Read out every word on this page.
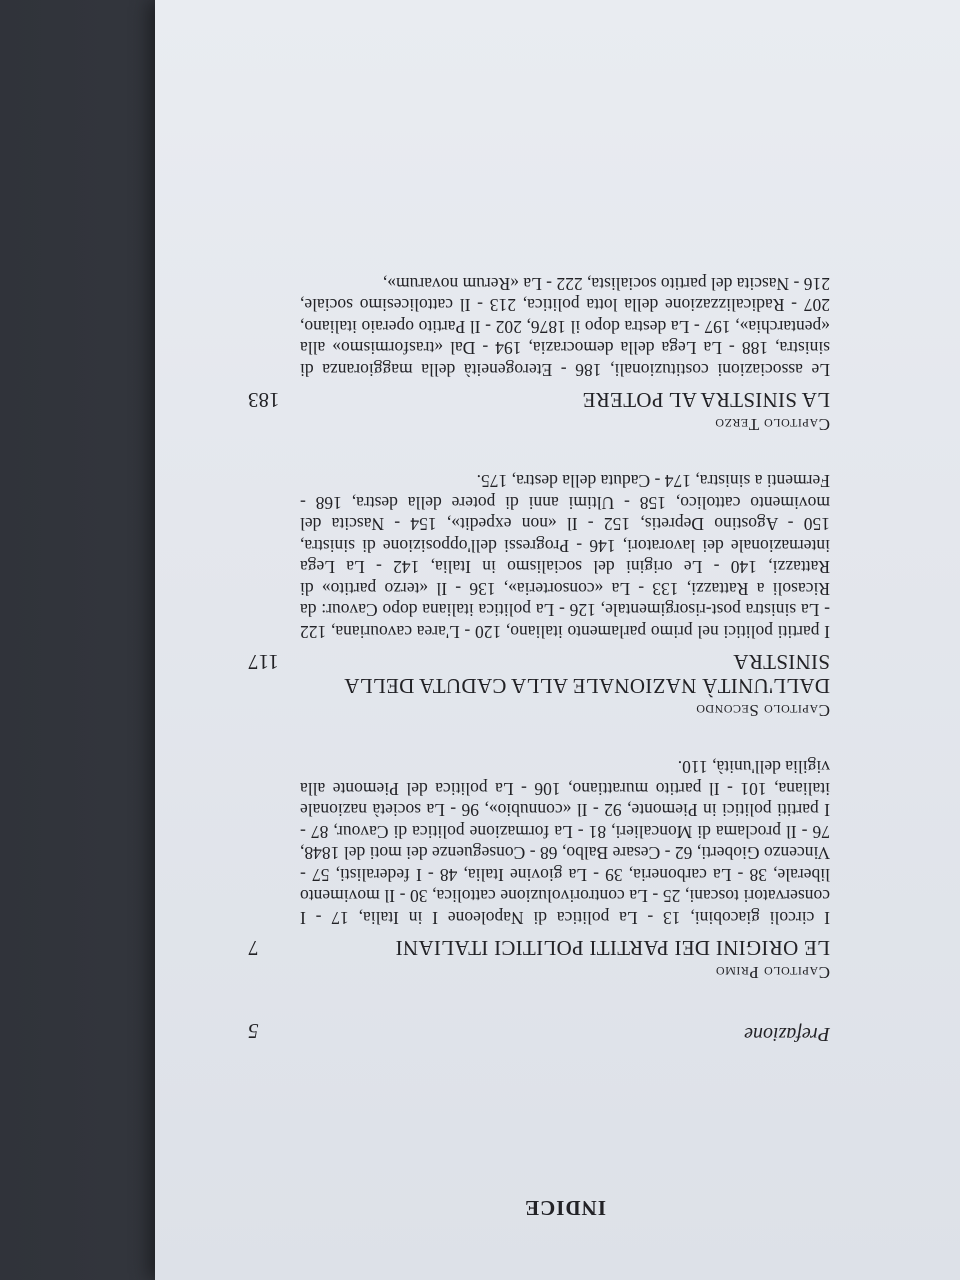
INDICE
Prefazione
5
Capitolo Primo
LE ORIGINI DEI PARTITI POLITICI ITALIANI
7
I circoli giacobini, 13 - La politica di Napoleone I in Italia, 17 - I conservatori toscani, 25 - La controrivoluzione cattolica, 30 - Il movimento liberale, 38 - La carboneria, 39 - La giovine Italia, 48 - I federalisti, 57 - Vincenzo Gioberti, 62 - Cesare Balbo, 68 - Conseguenze dei moti del 1848, 76 - Il proclama di Moncalieri, 81 - La formazione politica di Cavour, 87 - I partiti politici in Piemonte, 92 - Il «connubio», 96 - La società nazionale italiana, 101 - Il partito murattiano, 106 - La politica del Piemonte alla vigilia dell'unità, 110.
Capitolo Secondo
DALL'UNITÀ NAZIONALE ALLA CADUTA DELLA SINISTRA
117
I partiti politici nel primo parlamento italiano, 120 - L'area cavouriana, 122 - La sinistra post-risorgimentale, 126 - La politica italiana dopo Cavour: da Ricasoli a Rattazzi, 133 - La «consorteria», 136 - Il «terzo partito» di Rattazzi, 140 - Le origini del socialismo in Italia, 142 - La Lega internazionale dei lavoratori, 146 - Progressi dell'opposizione di sinistra, 150 - Agostino Depretis, 152 - Il «non expedit», 154 - Nascita del movimento cattolico, 158 - Ultimi anni di potere della destra, 168 - Fermenti a sinistra, 174 - Caduta della destra, 175.
Capitolo Terzo
LA SINISTRA AL POTERE
183
Le associazioni costituzionali, 186 - Eterogeneità della maggioranza di sinistra, 188 - La Lega della democrazia, 194 - Dal «trasformismo» alla «pentarchia», 197 - La destra dopo il 1876, 202 - Il Partito operaio italiano, 207 - Radicalizzazione della lotta politica, 213 - Il cattolicesimo sociale, 216 - Nascita del partito socialista, 222 - La «Rerum novarum»,
